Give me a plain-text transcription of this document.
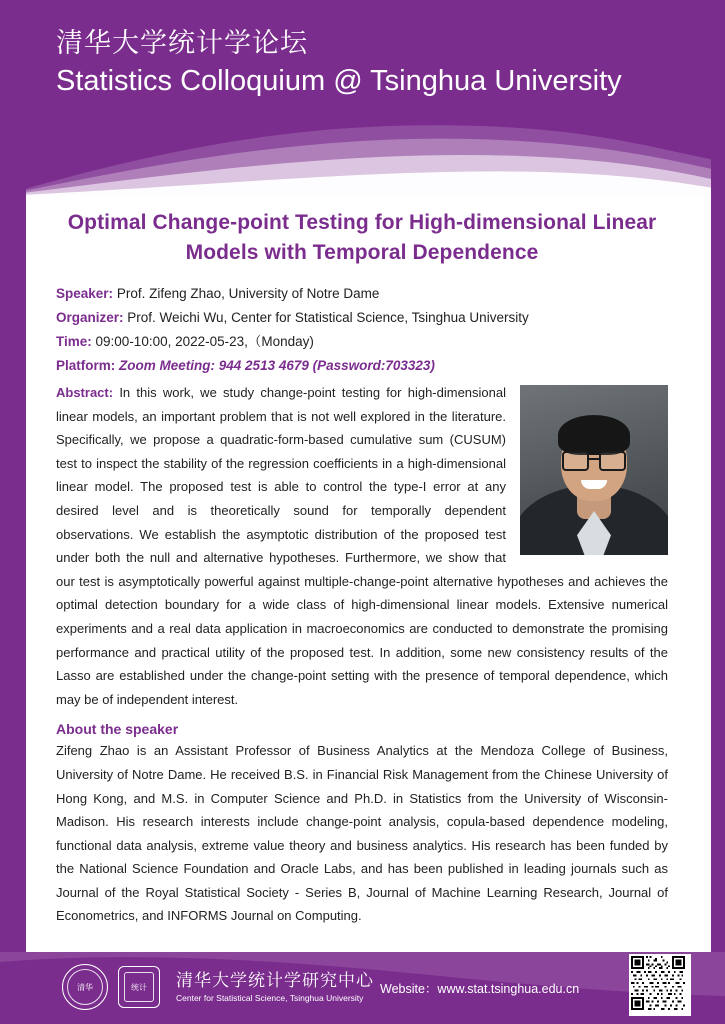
清华大学统计学论坛
Statistics Colloquium @ Tsinghua University
Optimal Change-point Testing for High-dimensional Linear Models with Temporal Dependence
Speaker: Prof. Zifeng Zhao, University of Notre Dame
Organizer: Prof. Weichi Wu, Center for Statistical Science, Tsinghua University
Time: 09:00-10:00, 2022-05-23,（Monday)
Platform: Zoom Meeting: 944 2513 4679 (Password:703323)
Abstract: In this work, we study change-point testing for high-dimensional linear models, an important problem that is not well explored in the literature. Specifically, we propose a quadratic-form-based cumulative sum (CUSUM) test to inspect the stability of the regression coefficients in a high-dimensional linear model. The proposed test is able to control the type-I error at any desired level and is theoretically sound for temporally dependent observations. We establish the asymptotic distribution of the proposed test under both the null and alternative hypotheses. Furthermore, we show that our test is asymptotically powerful against multiple-change-point alternative hypotheses and achieves the optimal detection boundary for a wide class of high-dimensional linear models. Extensive numerical experiments and a real data application in macroeconomics are conducted to demonstrate the promising performance and practical utility of the proposed test. In addition, some new consistency results of the Lasso are established under the change-point setting with the presence of temporal dependence, which may be of independent interest.
About the speaker
Zifeng Zhao is an Assistant Professor of Business Analytics at the Mendoza College of Business, University of Notre Dame. He received B.S. in Financial Risk Management from the Chinese University of Hong Kong, and M.S. in Computer Science and Ph.D. in Statistics from the University of Wisconsin-Madison. His research interests include change-point analysis, copula-based dependence modeling, functional data analysis, extreme value theory and business analytics. His research has been funded by the National Science Foundation and Oracle Labs, and has been published in leading journals such as Journal of the Royal Statistical Society - Series B, Journal of Machine Learning Research, Journal of Econometrics, and INFORMS Journal on Computing.
清华	统计	清华大学统计学研究中心
Center for Statistical Science, Tsinghua University
Website：www.stat.tsinghua.edu.cn
